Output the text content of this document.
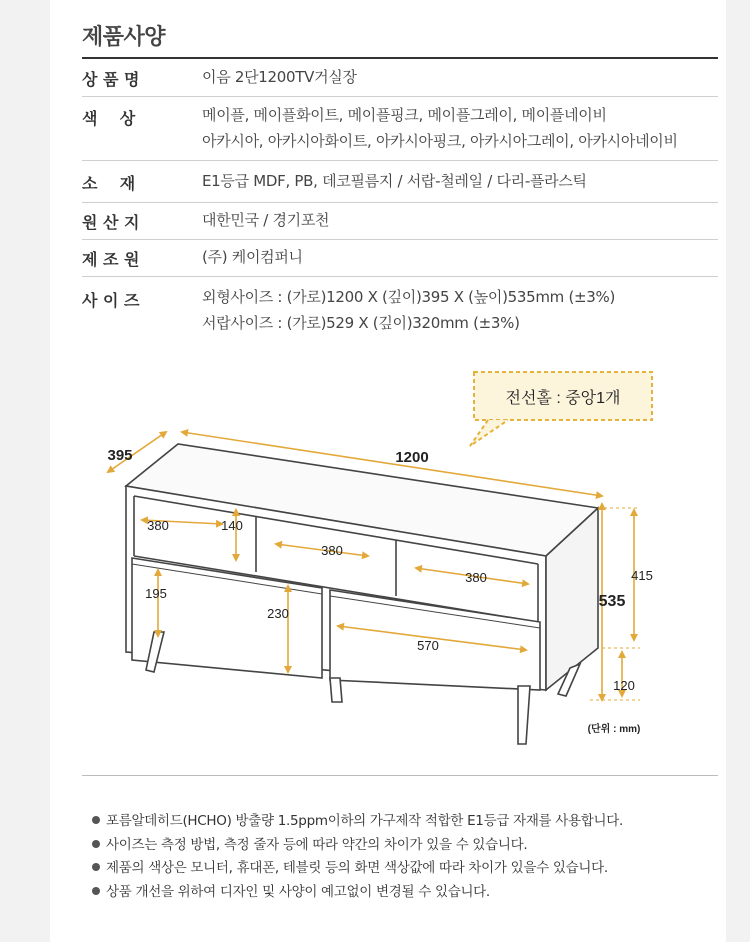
제품사양
상 품 명	이음 2단1200TV거실장
색    상	메이플, 메이플화이트, 메이플핑크, 메이플그레이, 메이플네이비
아카시아, 아카시아화이트, 아카시아핑크, 아카시아그레이, 아카시아네이비
소    재	E1등급 MDF, PB, 데코필름지 / 서랍-철레일 / 다리-플라스틱
원 산 지	대한민국 / 경기포천
제 조 원	(주) 케이컴퍼니
사 이 즈	외형사이즈 : (가로)1200 X (깊이)395 X (높이)535mm (±3%)
서랍사이즈 : (가로)529 X (깊이)320mm (±3%)
전선홀 : 중앙1개
395	1200
380	140
380
380
195
230
570
415
535
120
(단위 : mm)
포름알데히드(HCHO) 방출량 1.5ppm이하의 가구제작 적합한 E1등급 자재를 사용합니다.
사이즈는 측정 방법, 측정 줄자 등에 따라 약간의 차이가 있을 수 있습니다.
제품의 색상은 모니터, 휴대폰, 테블릿 등의 화면 색상값에 따라 차이가 있을수 있습니다.
상품 개선을 위하여 디자인 및 사양이 예고없이 변경될 수 있습니다.
